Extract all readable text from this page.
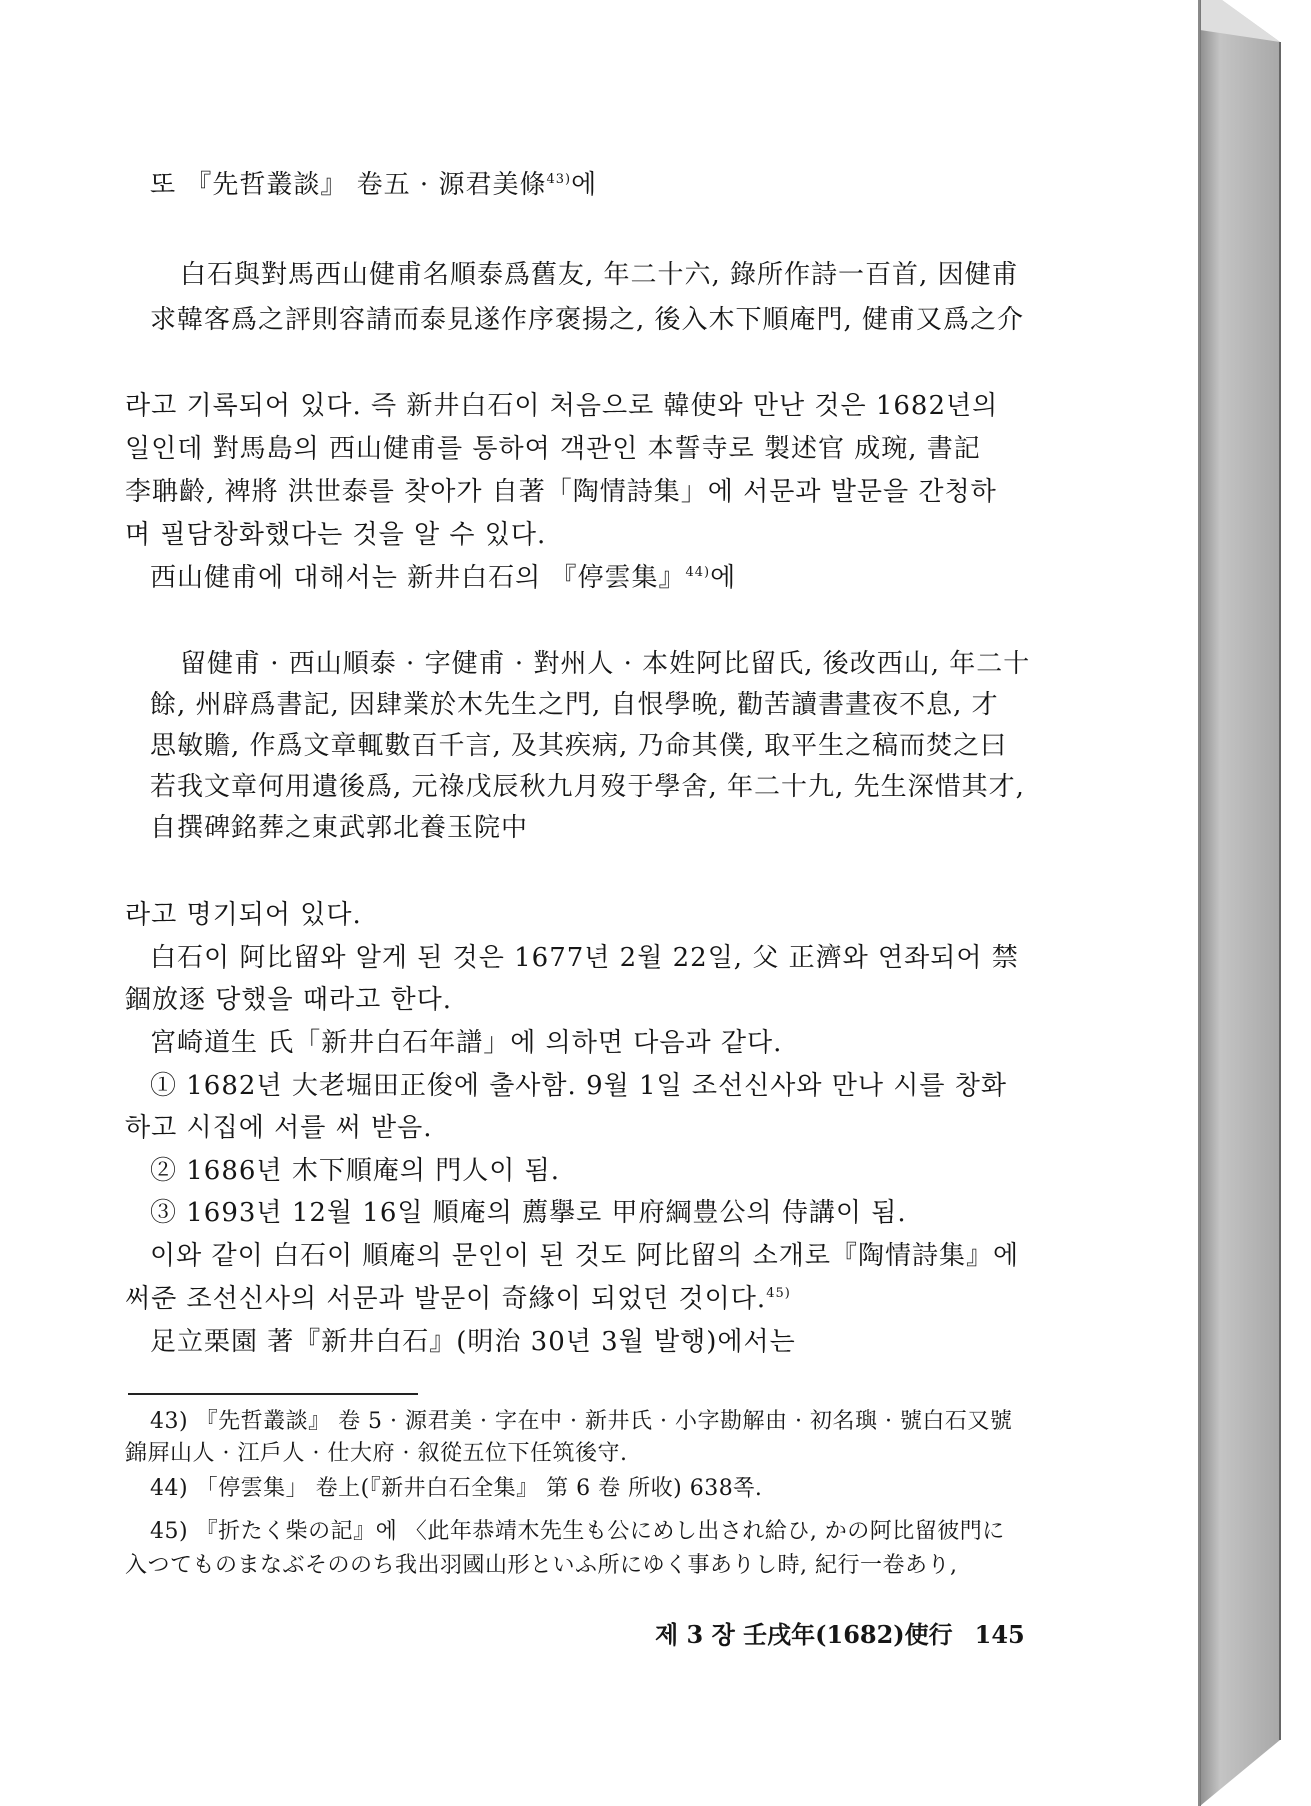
또 『先哲叢談』 卷五 · 源君美條$^{43)}$에
白石與對馬西山健甫名順泰爲舊友, 年二十六, 錄所作詩一百首, 因健甫
求韓客爲之評則容請而泰見遂作序褒揚之, 後入木下順庵門, 健甫又爲之介
라고 기록되어 있다. 즉 新井白石이 처음으로 韓使와 만난 것은 1682년의
일인데 對馬島의 西山健甫를 통하여 객관인 本誓寺로 製述官 成琬, 書記
李聃齡, 裨將 洪世泰를 찾아가 自著「陶情詩集」에 서문과 발문을 간청하
며 필담창화했다는 것을 알 수 있다.
西山健甫에 대해서는 新井白石의 『停雲集』$^{44)}$에
留健甫 · 西山順泰 · 字健甫 · 對州人 · 本姓阿比留氏, 後改西山, 年二十
餘, 州辟爲書記, 因肆業於木先生之門, 自恨學晩, 勸苦讀書晝夜不息, 才
思敏贍, 作爲文章輒數百千言, 及其疾病, 乃命其僕, 取平生之稿而焚之曰
若我文章何用遺後爲, 元祿戊辰秋九月歿于學舍, 年二十九, 先生深惜其才,
自撰碑銘葬之東武郭北養玉院中
라고 명기되어 있다.
白石이 阿比留와 알게 된 것은 1677년 2월 22일, 父 正濟와 연좌되어 禁
錮放逐 당했을 때라고 한다.
宮崎道生 氏「新井白石年譜」에 의하면 다음과 같다.
① 1682년 大老堀田正俊에 출사함. 9월 1일 조선신사와 만나 시를 창화
하고 시집에 서를 써 받음.
② 1686년 木下順庵의 門人이 됨.
③ 1693년 12월 16일 順庵의 薦擧로 甲府綱豊公의 侍講이 됨.
이와 같이 白石이 順庵의 문인이 된 것도 阿比留의 소개로『陶情詩集』에
써준 조선신사의 서문과 발문이 奇緣이 되었던 것이다.$^{45)}$
足立栗園 著『新井白石』(明治 30년 3월 발행)에서는
43) 『先哲叢談』 卷 5 · 源君美 · 字在中 · 新井氏 · 小字勘解由 · 初名璵 · 號白石又號
錦屛山人 · 江戶人 · 仕大府 · 叙從五位下任筑後守.
44) 「停雲集」 卷上(『新井白石全集』 第 6 卷 所收) 638쪽.
45) 『折たく柴の記』에 〈此年恭靖木先生も公にめし出され給ひ, かの阿比留彼門に
入つてものまなぶそののち我出羽國山形といふ所にゆく事ありし時, 紀行一卷あり,
제 3 장 壬戌年(1682)使行 145
